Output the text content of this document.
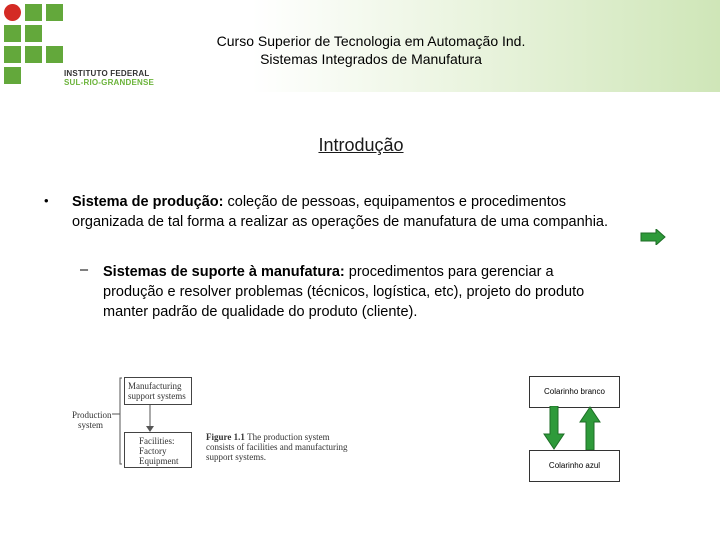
INSTITUTO FEDERAL
SUL-RIO-GRANDENSE
Curso Superior de Tecnologia em Automação Ind.
Sistemas Integrados de Manufatura
Introdução
• Sistema de produção: coleção de pessoas, equipamentos e procedimentos
organizada de tal forma a realizar as operações de manufatura de uma companhia.
– Sistemas de suporte à manufatura: procedimentos para gerenciar a
produção e resolver problemas (técnicos, logística, etc), projeto do produto
manter padrão de qualidade do produto (cliente).
Manufacturing
support systems
Production
system
Facilities:
Factory
Equipment
Figure 1.1 The production system
consists of facilities and manufacturing
support systems.
Colarinho branco
Colarinho azul
